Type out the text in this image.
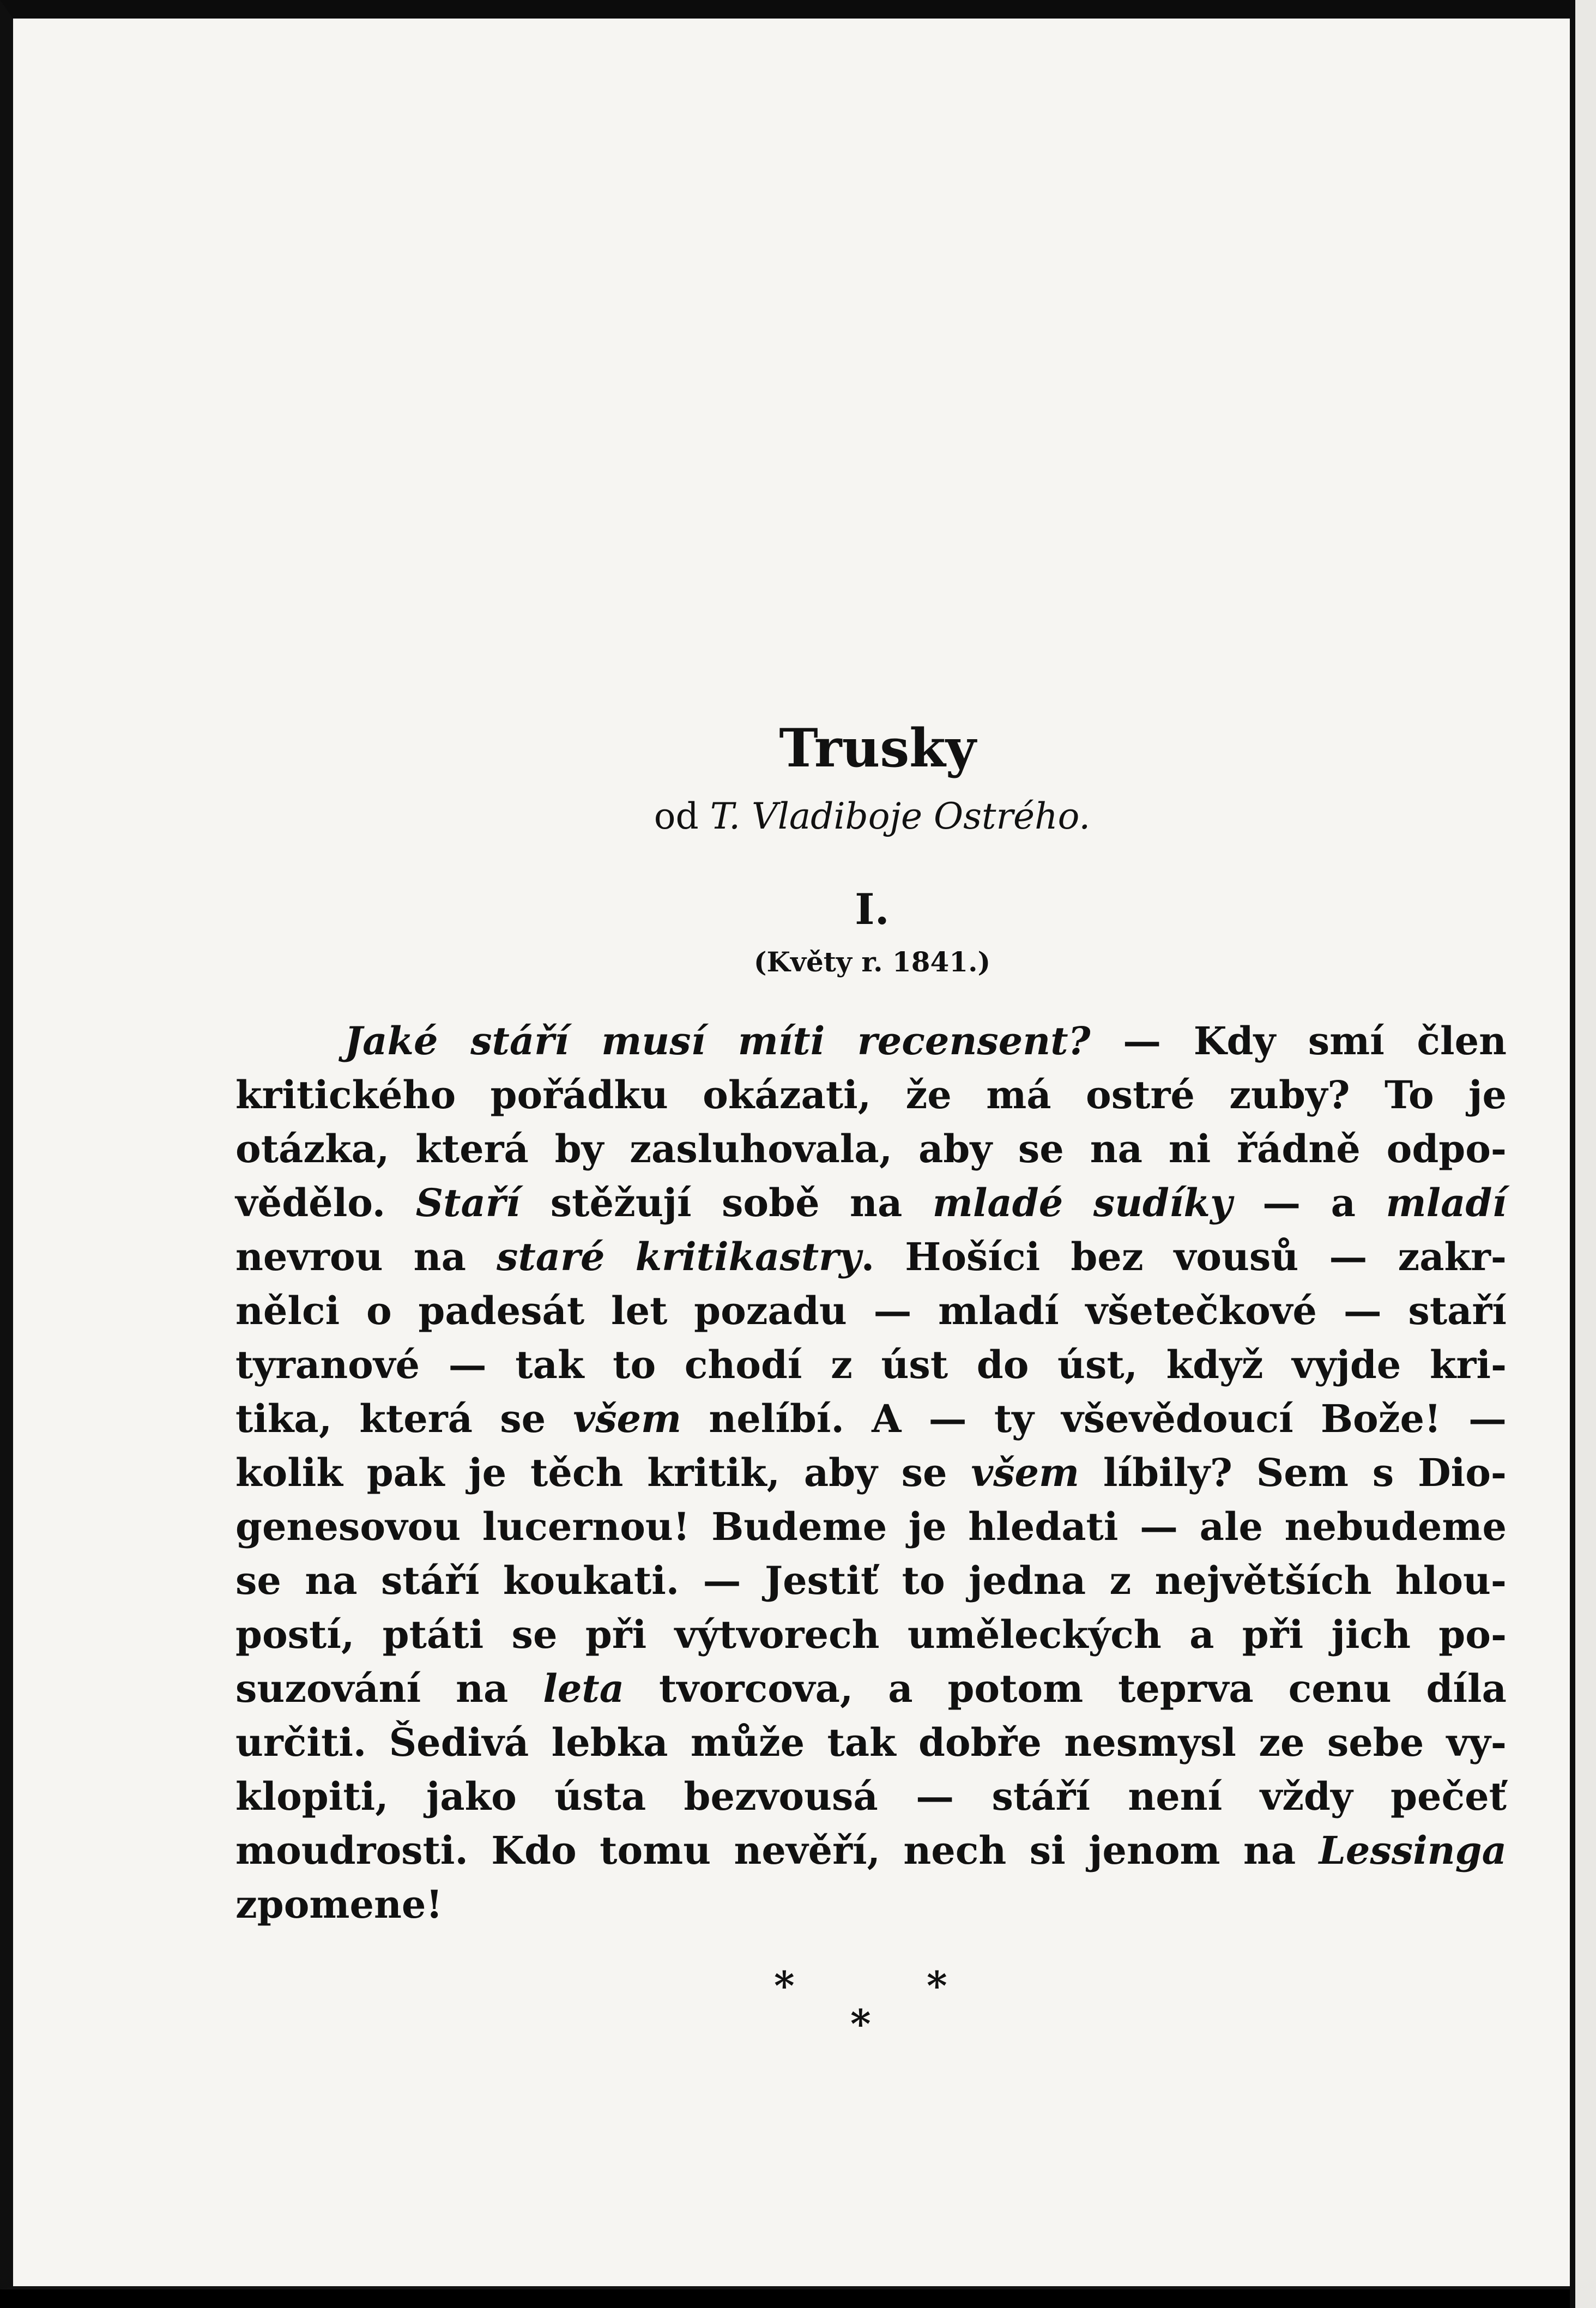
Trusky
od T. Vladiboje Ostrého.
I.
(Květy r. 1841.)
Jaké stáří musí míti recensent? — Kdy smí člen
kritického pořádku okázati, že má ostré zuby? To je
otázka, která by zasluhovala, aby se na ni řádně odpo-
vědělo. Staří stěžují sobě na mladé sudíky — a mladí
nevrou na staré kritikastry. Hošíci bez vousů — zakr-
nělci o padesát let pozadu — mladí všetečkové — staří
tyranové — tak to chodí z úst do úst, když vyjde kri-
tika, která se všem nelíbí. A — ty vševědoucí Bože! —
kolik pak je těch kritik, aby se všem líbily? Sem s Dio-
genesovou lucernou! Budeme je hledati — ale nebudeme
se na stáří koukati. — Jestiť to jedna z největších hlou-
postí, ptáti se při výtvorech uměleckých a při jich po-
suzování na leta tvorcova, a potom teprva cenu díla
určiti. Šedivá lebka může tak dobře nesmysl ze sebe vy-
klopiti, jako ústa bezvousá — stáří není vždy pečeť
moudrosti. Kdo tomu nevěří, nech si jenom na Lessinga
zpomene!
*	*
*
